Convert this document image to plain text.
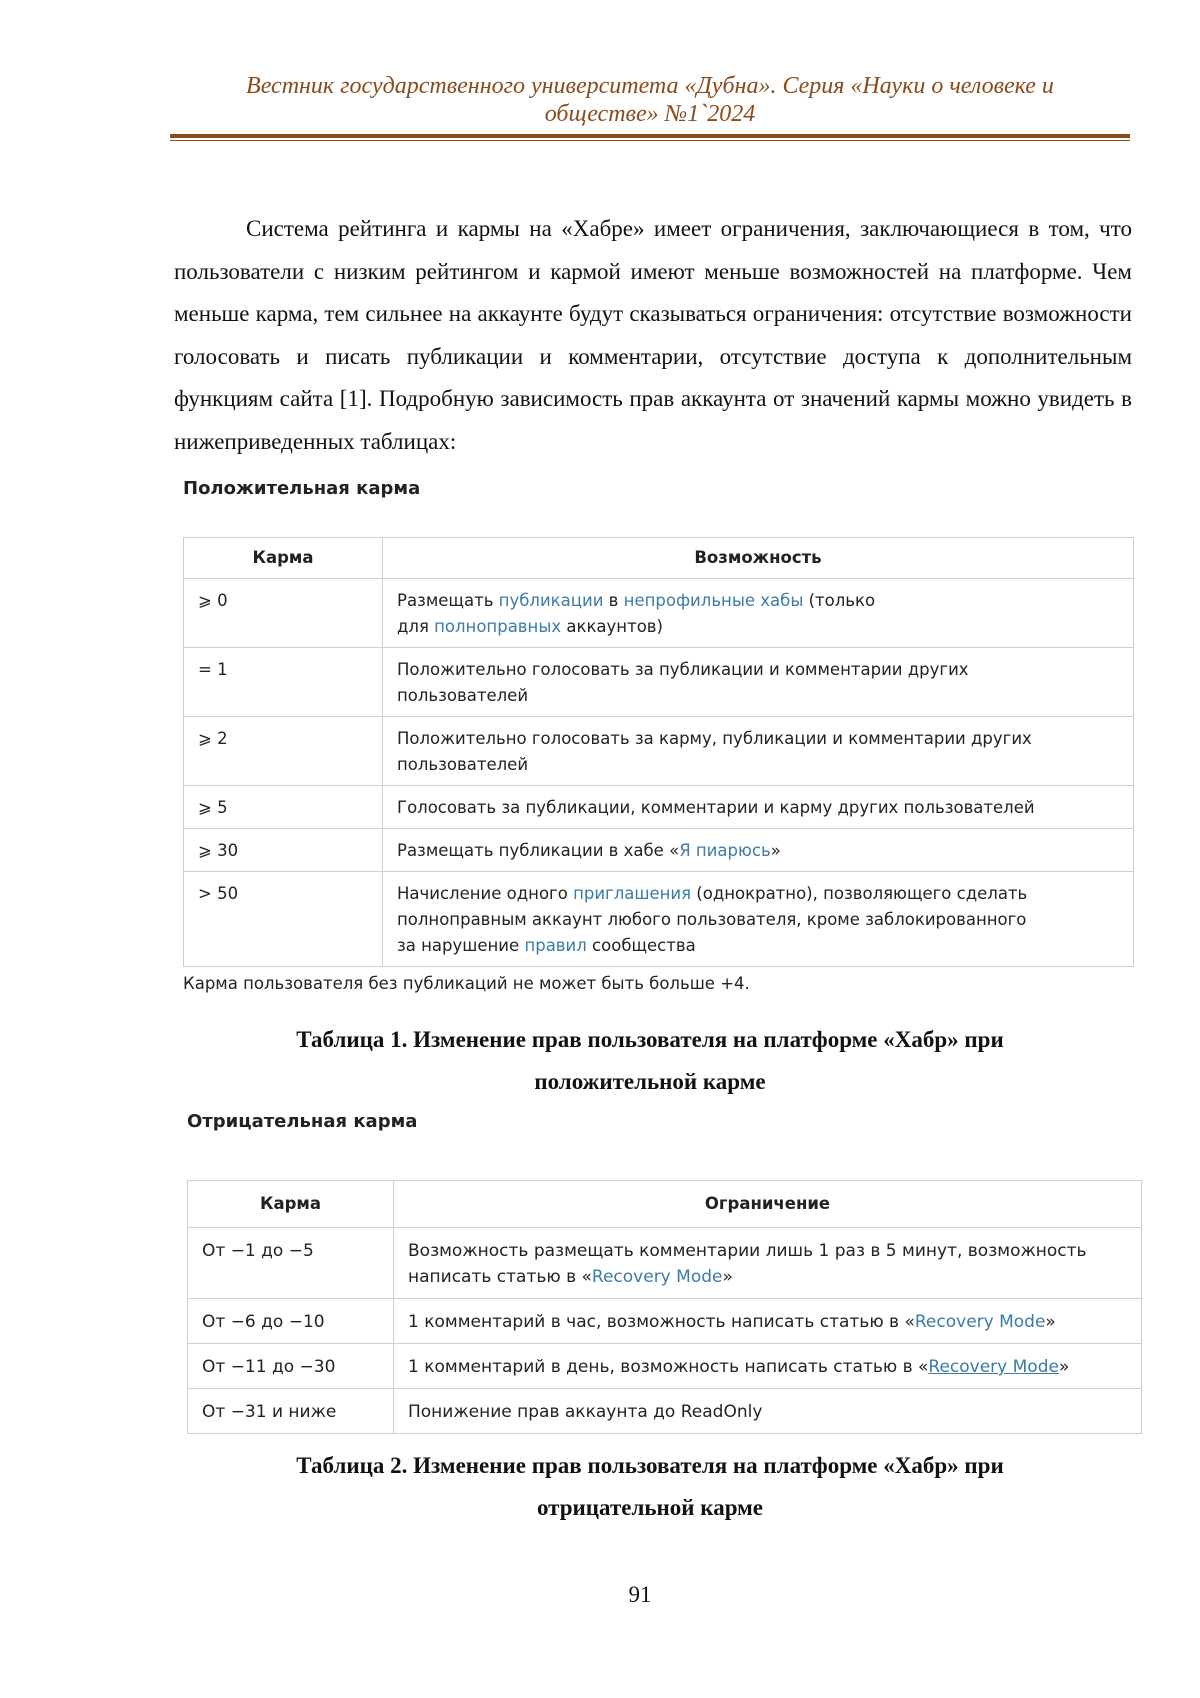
Вестник государственного университета «Дубна». Серия «Науки о человеке и
обществе» №1`2024
Система рейтинга и кармы на «Хабре» имеет ограничения, заключающиеся в том, что пользователи с низким рейтингом и кармой имеют меньше возможностей на платформе. Чем меньше карма, тем сильнее на аккаунте будут сказываться ограничения: отсутствие возможности голосовать и писать публикации и комментарии, отсутствие доступа к дополнительным функциям сайта [1]. Подробную зависимость прав аккаунта от значений кармы можно увидеть в нижеприведенных таблицах:
Положительная карма
Карма	Возможность
⩾ 0	Размещать публикации в непрофильные хабы (только
для полноправных аккаунтов)
= 1	Положительно голосовать за публикации и комментарии других
пользователей
⩾ 2	Положительно голосовать за карму, публикации и комментарии других
пользователей
⩾ 5	Голосовать за публикации, комментарии и карму других пользователей
⩾ 30	Размещать публикации в хабе «Я пиарюсь»
> 50	Начисление одного приглашения (однократно), позволяющего сделать
полноправным аккаунт любого пользователя, кроме заблокированного
за нарушение правил сообщества
Карма пользователя без публикаций не может быть больше +4.
Таблица 1. Изменение прав пользователя на платформе «Хабр» при
положительной карме
Отрицательная карма
Карма	Ограничение
От −1 до −5	Возможность размещать комментарии лишь 1 раз в 5 минут, возможность
написать статью в «Recovery Mode»
От −6 до −10	1 комментарий в час, возможность написать статью в «Recovery Mode»
От −11 до −30	1 комментарий в день, возможность написать статью в «Recovery Mode»
От −31 и ниже	Понижение прав аккаунта до ReadOnly
Таблица 2. Изменение прав пользователя на платформе «Хабр» при
отрицательной карме
91
